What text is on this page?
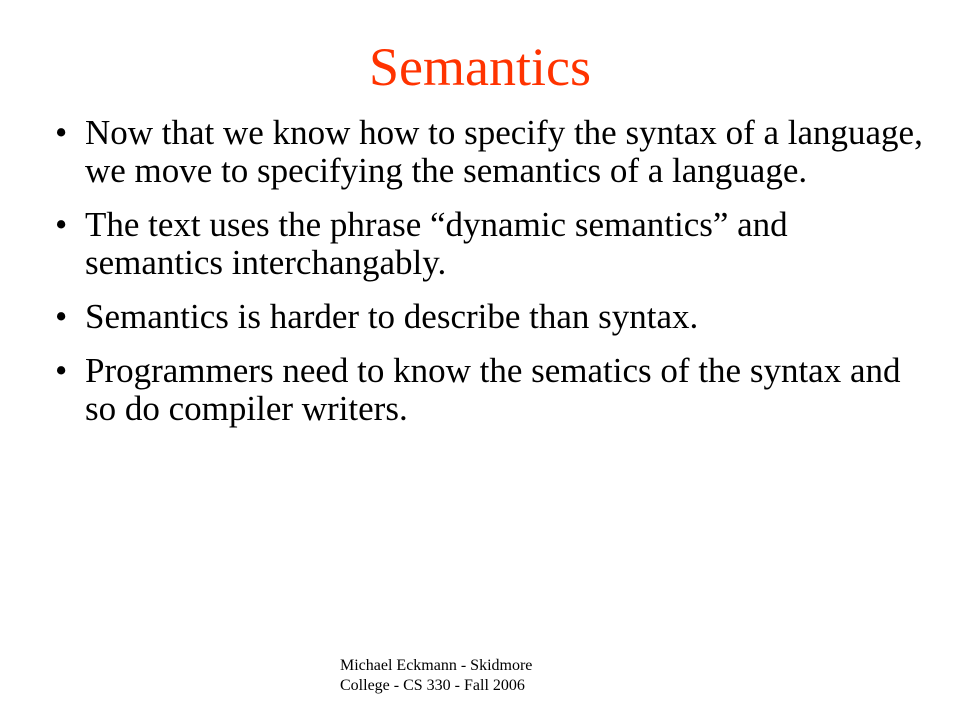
Semantics
• Now that we know how to specify the syntax of a language, we move to specifying the semantics of a language.
• The text uses the phrase “dynamic semantics” and semantics interchangably.
• Semantics is harder to describe than syntax.
• Programmers need to know the sematics of the syntax and so do compiler writers.
Michael Eckmann - Skidmore
College - CS 330 - Fall 2006
